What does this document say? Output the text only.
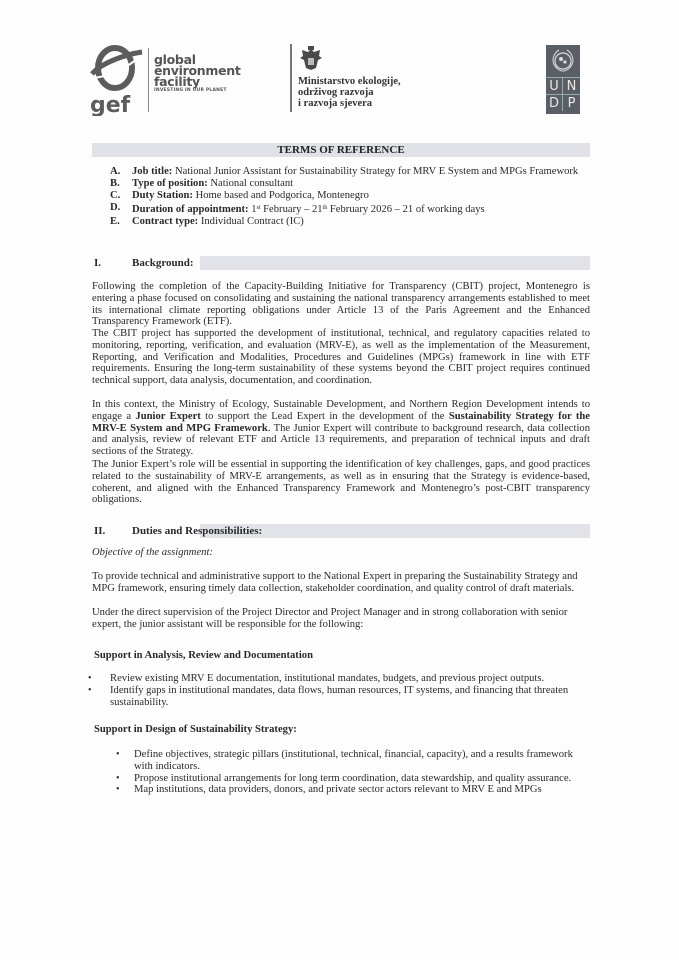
gef
global
environment
facility
INVESTING IN OUR PLANET
Ministarstvo ekologije,
održivog razvoja
i razvoja sjevera
U N
D P
TERMS OF REFERENCE
A. Job title: National Junior Assistant for Sustainability Strategy for MRV E System and MPGs Framework
B. Type of position: National consultant
C. Duty Station: Home based and Podgorica, Montenegro
D. Duration of appointment: 1st February – 21th February 2026 – 21 of working days
E. Contract type: Individual Contract (IC)
I.	Background:
Following the completion of the Capacity-Building Initiative for Transparency (CBIT) project, Montenegro is entering a phase focused on consolidating and sustaining the national transparency arrangements established to meet its international climate reporting obligations under Article 13 of the Paris Agreement and the Enhanced Transparency Framework (ETF).
The CBIT project has supported the development of institutional, technical, and regulatory capacities related to monitoring, reporting, verification, and evaluation (MRV-E), as well as the implementation of the Measurement, Reporting, and Verification and Modalities, Procedures and Guidelines (MPGs) framework in line with ETF requirements. Ensuring the long-term sustainability of these systems beyond the CBIT project requires continued technical support, data analysis, documentation, and coordination.
In this context, the Ministry of Ecology, Sustainable Development, and Northern Region Development intends to engage a Junior Expert to support the Lead Expert in the development of the Sustainability Strategy for the MRV-E System and MPG Framework. The Junior Expert will contribute to background research, data collection and analysis, review of relevant ETF and Article 13 requirements, and preparation of technical inputs and draft sections of the Strategy.
The Junior Expert’s role will be essential in supporting the identification of key challenges, gaps, and good practices related to the sustainability of MRV-E arrangements, as well as in ensuring that the Strategy is evidence-based, coherent, and aligned with the Enhanced Transparency Framework and Montenegro’s post-CBIT transparency obligations.
II. Duties and Responsibilities:
Objective of the assignment:
To provide technical and administrative support to the National Expert in preparing the Sustainability Strategy and MPG framework, ensuring timely data collection, stakeholder coordination, and quality control of draft materials.
Under the direct supervision of the Project Director and Project Manager and in strong collaboration with senior expert, the junior assistant will be responsible for the following:
Support in Analysis, Review and Documentation
• Review existing MRV E documentation, institutional mandates, budgets, and previous project outputs.
• Identify gaps in institutional mandates, data flows, human resources, IT systems, and financing that threaten sustainability.
Support in Design of Sustainability Strategy:
• Define objectives, strategic pillars (institutional, technical, financial, capacity), and a results framework with indicators.
• Propose institutional arrangements for long term coordination, data stewardship, and quality assurance.
• Map institutions, data providers, donors, and private sector actors relevant to MRV E and MPGs
